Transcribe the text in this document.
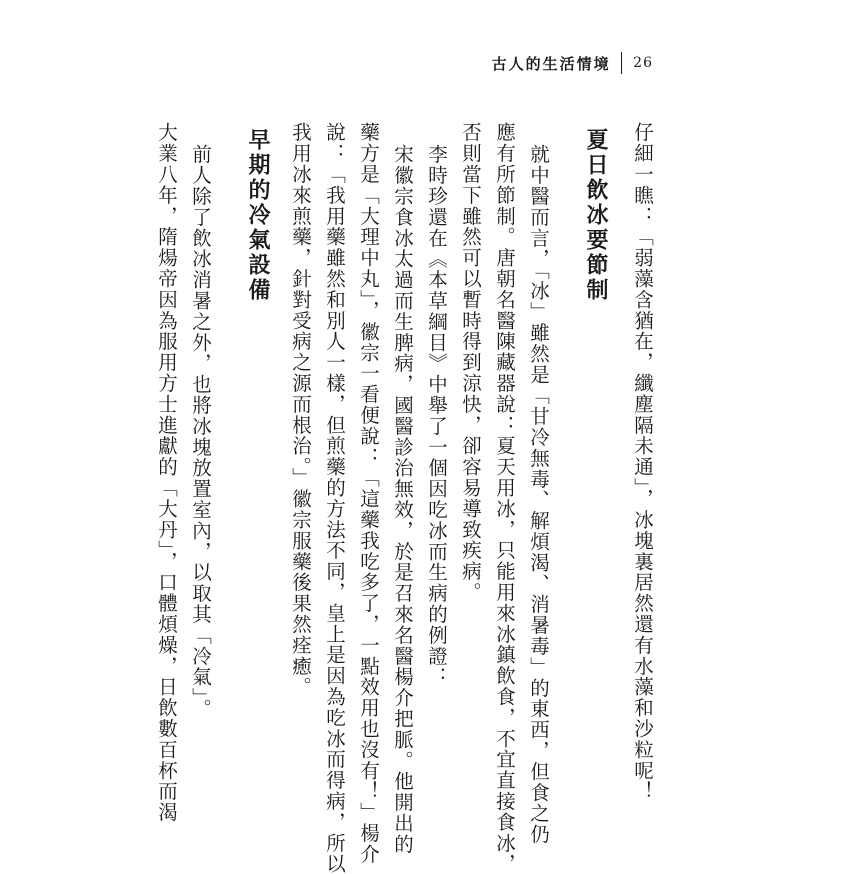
古人的生活情境 26
仔細一瞧：「弱藻含猶在，纖塵隔未通」，冰塊裏居然還有水藻和沙粒呢！
夏日飲冰要節制
就中醫而言，「冰」雖然是「甘冷無毒、解煩渴、消暑毒」的東西，但食之仍
應有所節制。唐朝名醫陳藏器說：夏天用冰，只能用來冰鎮飲食，不宜直接食冰，
否則當下雖然可以暫時得到涼快，卻容易導致疾病。
李時珍還在《本草綱目》中舉了一個因吃冰而生病的例證：
宋徽宗食冰太過而生脾病，國醫診治無效，於是召來名醫楊介把脈。他開出的
藥方是「大理中丸」，徽宗一看便說：「這藥我吃多了，一點效用也沒有！」楊介
說：「我用藥雖然和別人一樣，但煎藥的方法不同，皇上是因為吃冰而得病，所以
我用冰來煎藥，針對受病之源而根治。」徽宗服藥後果然痊癒。
早期的冷氣設備
前人除了飲冰消暑之外，也將冰塊放置室內，以取其「冷氣」。
大業八年，隋煬帝因為服用方士進獻的「大丹」，口體煩燥，日飲數百杯而渴
